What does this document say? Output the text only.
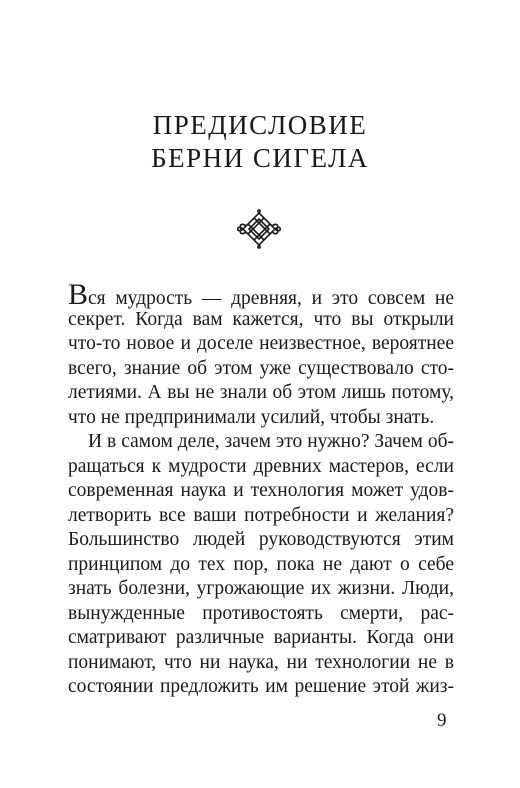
ПРЕДИСЛОВИЕ
БЕРНИ СИГЕЛА
Вся мудрость — древняя, и это совсем не
секрет. Когда вам кажется, что вы открыли
что-то новое и доселе неизвестное, вероятнее
всего, знание об этом уже существовало сто-
летиями. А вы не знали об этом лишь потому,
что не предпринимали усилий, чтобы знать.
И в самом деле, зачем это нужно? Зачем об-
ращаться к мудрости древних мастеров, если
современная наука и технология может удов-
летворить все ваши потребности и желания?
Большинство людей руководствуются этим
принципом до тех пор, пока не дают о себе
знать болезни, угрожающие их жизни. Люди,
вынужденные противостоять смерти, рас-
сматривают различные варианты. Когда они
понимают, что ни наука, ни технологии не в
состоянии предложить им решение этой жиз-
9
